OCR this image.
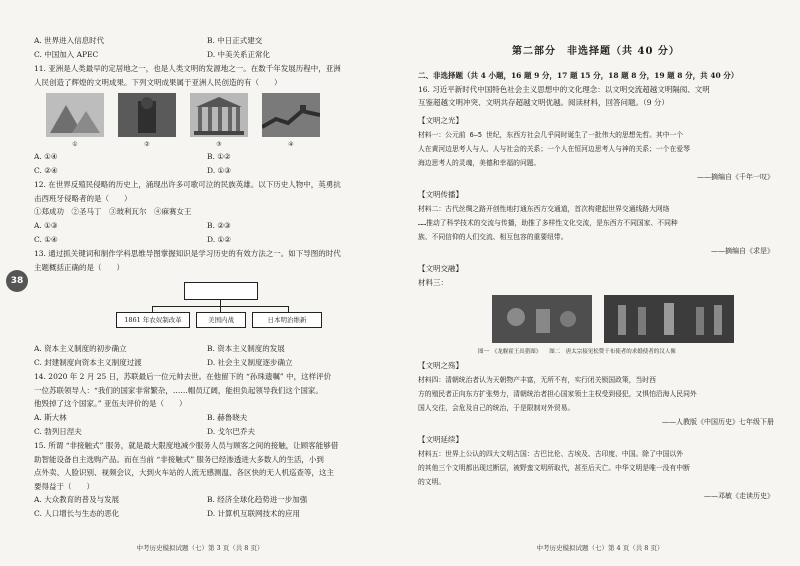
A. 世界进入信息时代	B. 中日正式建交
C. 中国加入 APEC	D. 中美关系正常化
11. 亚洲是人类最早的定居地之一，也是人类文明的发源地之一。在数千年发展历程中，亚洲
人民创造了辉煌的文明成果。下列文明成果属于亚洲人民创造的有（　　）
①	②	③	④
A. ①④	B. ①②
C. ②④	D. ①③
12. 在世界反殖民侵略的历史上，涌现出许多可歌可泣的民族英雄。以下历史人物中，英勇抗
击西班牙侵略者的是（　　）
①郑成功　②圣马丁　③玻利瓦尔　④麻赛女王
A. ①③	B. ②③
C. ①④	D. ①②
13. 通过抓关键词和制作学科思维导图掌握知识是学习历史的有效方法之一。如下导图的时代
主题概括正确的是（　　）
1861 年农奴制改革	美国内战	日本明治维新
A. 资本主义制度的初步确立	B. 资本主义制度的发展
C. 封建制度向资本主义制度过渡	D. 社会主义制度逐步确立
14. 2020 年 2 月 25 日，苏联最后一位元帅去世。在他留下的 “孙珠遗嘱” 中，这样评价
一位苏联领导人：“我们的国家非常繁杂，……帽员辽阔，能担负起领导我们这个国家。
他毁掉了这个国家。” 亚伍夫评价的是（　　）
A. 斯大林	B. 赫鲁晓夫
C. 勃列日涅夫	D. 戈尔巴乔夫
15. 所谓 “非接触式” 服务，就是最大限度地减少服务人员与顾客之间的接触，让顾客能够借
助智能设备自主选购产品。而在当前 “非接触式” 服务已经渗透进大多数人的生活，小到
点外卖、人脸识别、视频会议，大到火车站的人流无感测温、各区快的无人机巡查等，这主
要得益于（　　）
A. 大众教育的普及与发展	B. 经济全球化趋势进一步加强
C. 人口增长与生态的恶化	D. 计算机互联网技术的应用
中考历史模拟试题（七）第 3 页（共 8 页）
38
第二部分　非选择题（共 40 分）
二、非选择题（共 4 小题，16 题 9 分，17 题 15 分，18 题 8 分，19 题 8 分，共 40 分）
16. 习近平新时代中国特色社会主义思想中的文化理念：以文明交流超越文明隔阂、文明
互鉴超越文明冲突、文明共存超越文明优越。阅读材料，回答问题。（9 分）
【文明之光】
材料一：公元前 6—5 世纪，东西方社会几乎同时诞生了一批伟大的思想先哲。其中一个
人在黄河边思考人与人、人与社会的关系；一个人在恒河边思考人与神的关系；一个在爱琴
海边思考人的灵魂，美德和幸福的问题。
——摘编自《千年一叹》
【文明传播】
材料二：古代丝绸之路开创性地打通东西方交通道，首次构建起世界交通线路大网络
……推动了科学技术的交流与传播，助推了多样性文化交流，是东西方不同国家、不同种
族、不同信仰的人们交流、相互包容的重要纽带。
——摘编自《求是》
【文明交融】
材料三：
图一　《龙舰霍王出猎图》 图二　唐太宗接见松赞干布使者的求婚使者的汉人像
【文明之殇】
材料四：清朝统治者认为天朝物产丰富，无所不有，实行闭关锁国政策，当时西
方的殖民者正向东方扩张势力，清朝统治者担心国家领土主权受到侵犯，又惧怕沿海人民同外
国人交往，会危及自己的统治，于是限制对外贸易。
——人教版《中国历史》七年级下册
【文明延续】
材料五：世界上公认的四大文明古国：古巴比伦、古埃及、古印度、中国。除了中国以外
的其他三个文明都出现过断层，被野蛮文明所取代，甚至后天亡。中华文明是唯一没有中断
的文明。
——邓敏《走读历史》
中考历史模拟试题（七）第 4 页（共 8 页）
